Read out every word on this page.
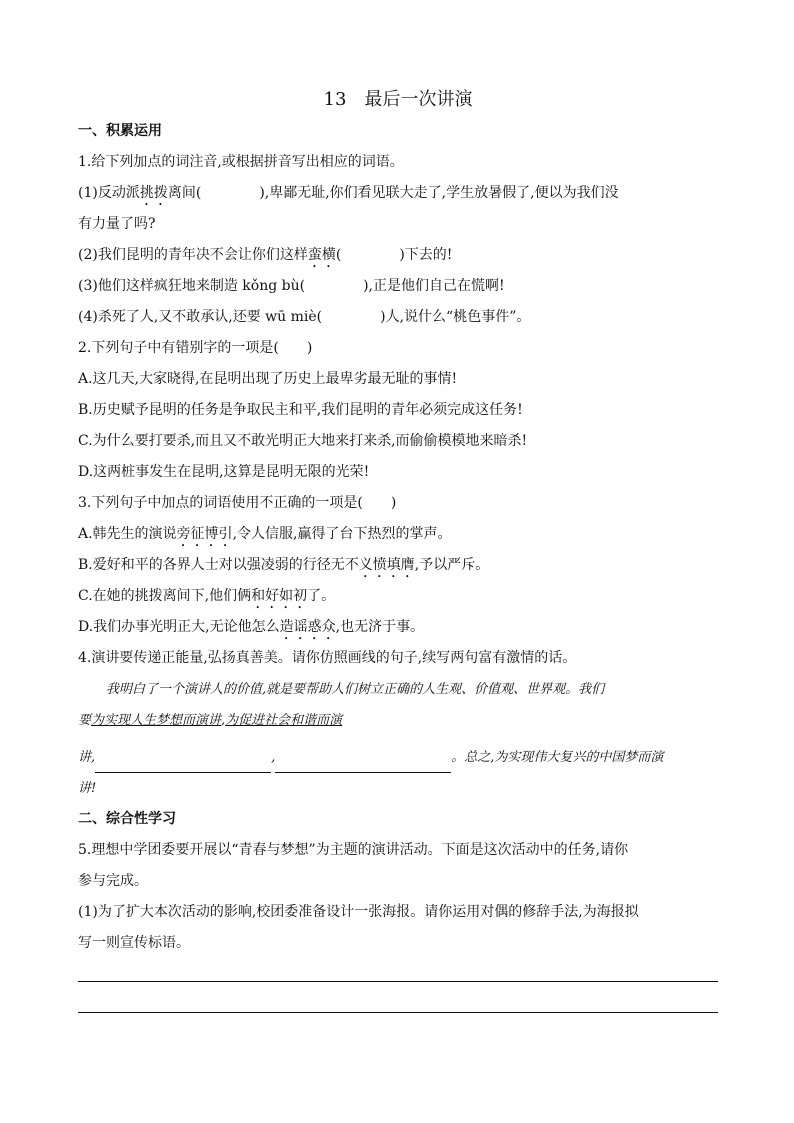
13　最后一次讲演
一、积累运用
1.给下列加点的词注音,或根据拼音写出相应的词语。
(1)反动派挑拨离间(	),卑鄙无耻,你们看见联大走了,学生放暑假了,便以为我们没
有力量了吗?
(2)我们昆明的青年决不会让你们这样蛮横(	)下去的!
(3)他们这样疯狂地来制造 kǒng bù(	),正是他们自己在慌啊!
(4)杀死了人,又不敢承认,还要 wū miè(	)人,说什么“桃色事件”。
2.下列句子中有错别字的一项是(　　)
A.这几天,大家晓得,在昆明出现了历史上最卑劣最无耻的事情!
B.历史赋予昆明的任务是争取民主和平,我们昆明的青年必须完成这任务!
C.为什么要打要杀,而且又不敢光明正大地来打来杀,而偷偷模模地来暗杀!
D.这两桩事发生在昆明,这算是昆明无限的光荣!
3.下列句子中加点的词语使用不正确的一项是(　　)
A.韩先生的演说旁征博引,令人信服,赢得了台下热烈的掌声。
B.爱好和平的各界人士对以强凌弱的行径无不义愤填膺,予以严斥。
C.在她的挑拨离间下,他们俩和好如初了。
D.我们办事光明正大,无论他怎么造谣惑众,也无济于事。
4.演讲要传递正能量,弘扬真善美。请你仿照画线的句子,续写两句富有激情的话。
我明白了一个演讲人的价值,就是要帮助人们树立正确的人生观、价值观、世界观。我们
要为实现人生梦想而演讲,为促进社会和谐而演
讲,	,	。总之,为实现伟大复兴的中国梦而演
讲!
二、综合性学习
5.理想中学团委要开展以“青春与梦想”为主题的演讲活动。下面是这次活动中的任务,请你
参与完成。
(1)为了扩大本次活动的影响,校团委准备设计一张海报。请你运用对偶的修辞手法,为海报拟
写一则宣传标语。
